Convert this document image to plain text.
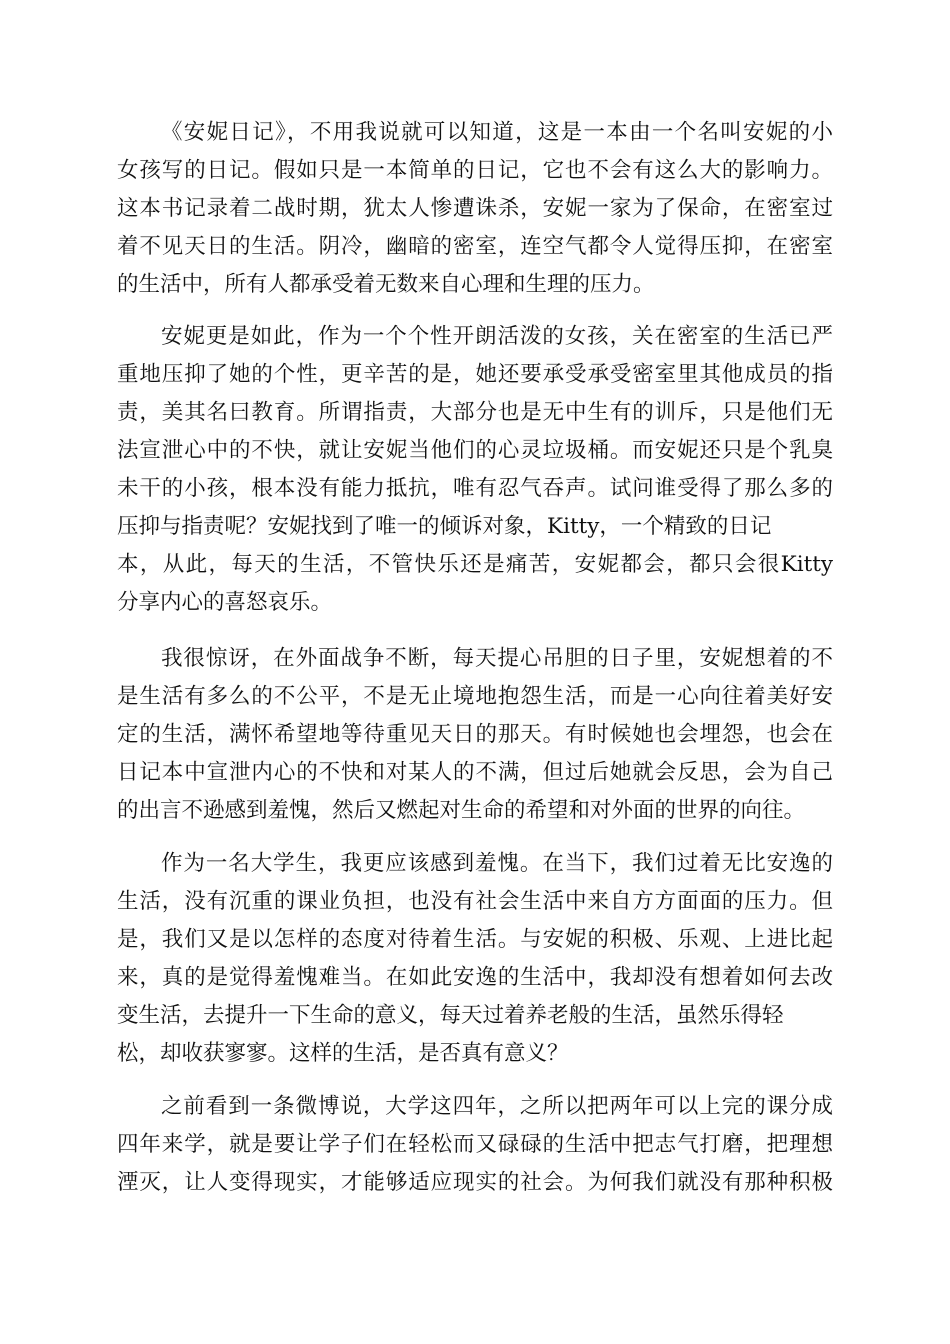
《安妮日记》，不用我说就可以知道，这是一本由一个名叫安妮的小
女孩写的日记。假如只是一本简单的日记，它也不会有这么大的影响力。
这本书记录着二战时期，犹太人惨遭诛杀，安妮一家为了保命，在密室过
着不见天日的生活。阴冷，幽暗的密室，连空气都令人觉得压抑，在密室
的生活中，所有人都承受着无数来自心理和生理的压力。
安妮更是如此，作为一个个性开朗活泼的女孩，关在密室的生活已严
重地压抑了她的个性，更辛苦的是，她还要承受承受密室里其他成员的指
责，美其名曰教育。所谓指责，大部分也是无中生有的训斥，只是他们无
法宣泄心中的不快，就让安妮当他们的心灵垃圾桶。而安妮还只是个乳臭
未干的小孩，根本没有能力抵抗，唯有忍气吞声。试问谁受得了那么多的
压抑与指责呢？安妮找到了唯一的倾诉对象，Kitty，一个精致的日记
本，从此，每天的生活，不管快乐还是痛苦，安妮都会，都只会很Kitty
分享内心的喜怒哀乐。
我很惊讶，在外面战争不断，每天提心吊胆的日子里，安妮想着的不
是生活有多么的不公平，不是无止境地抱怨生活，而是一心向往着美好安
定的生活，满怀希望地等待重见天日的那天。有时候她也会埋怨，也会在
日记本中宣泄内心的不快和对某人的不满，但过后她就会反思，会为自己
的出言不逊感到羞愧，然后又燃起对生命的希望和对外面的世界的向往。
作为一名大学生，我更应该感到羞愧。在当下，我们过着无比安逸的
生活，没有沉重的课业负担，也没有社会生活中来自方方面面的压力。但
是，我们又是以怎样的态度对待着生活。与安妮的积极、乐观、上进比起
来，真的是觉得羞愧难当。在如此安逸的生活中，我却没有想着如何去改
变生活，去提升一下生命的意义，每天过着养老般的生活，虽然乐得轻
松，却收获寥寥。这样的生活，是否真有意义？
之前看到一条微博说，大学这四年，之所以把两年可以上完的课分成
四年来学，就是要让学子们在轻松而又碌碌的生活中把志气打磨，把理想
湮灭，让人变得现实，才能够适应现实的社会。为何我们就没有那种积极
